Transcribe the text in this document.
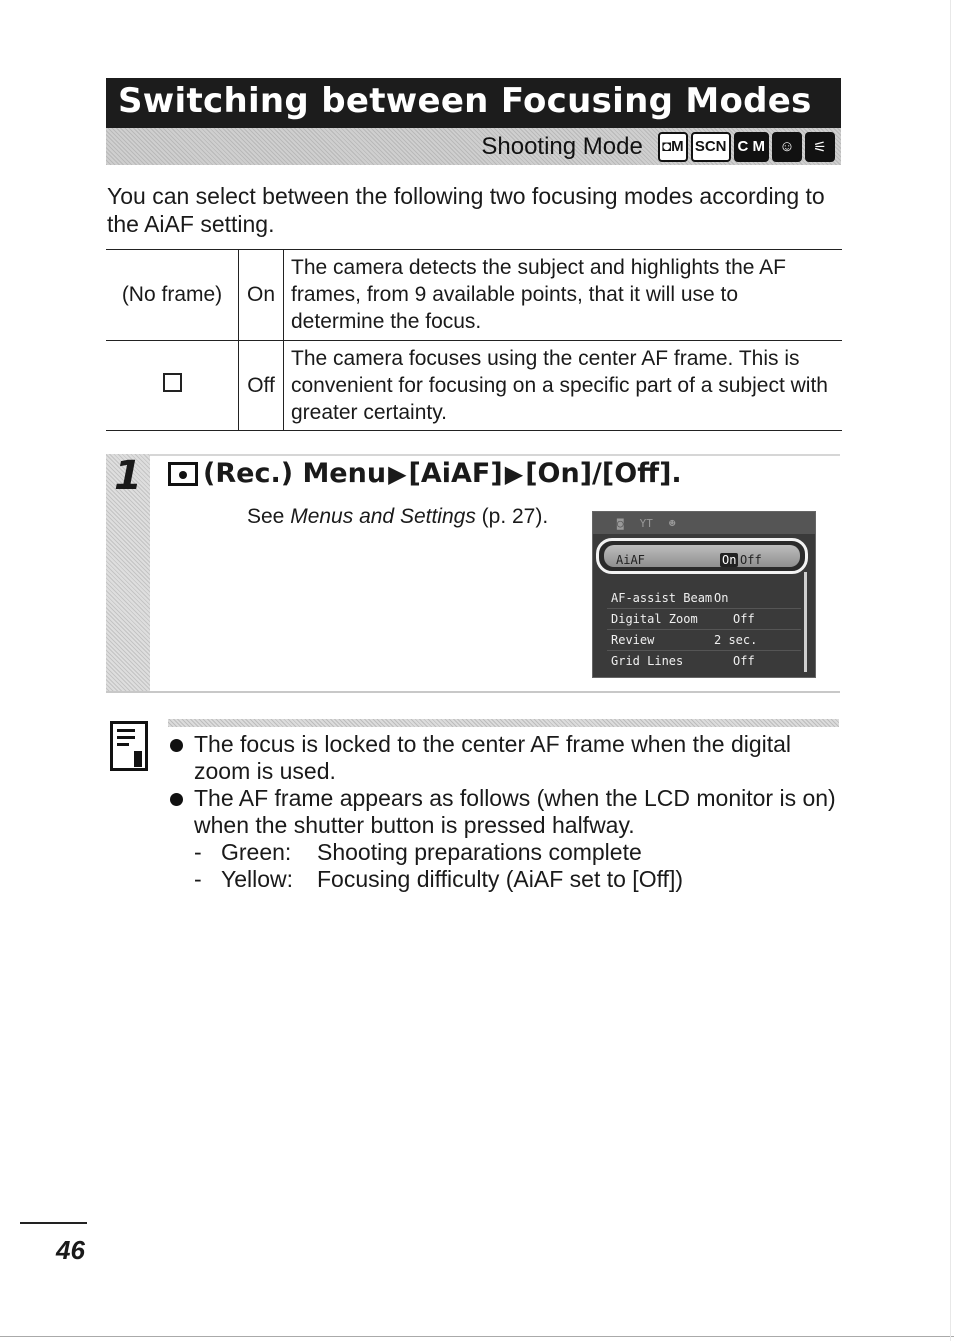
Switching between Focusing Modes
Shooting Mode ◘M SCN C M ☺	⚟
You can select between the following two focusing modes according to the AiAF setting.
(No frame)	On	The camera detects the subject and highlights the AF frames, from 9 available points, that it will use to determine the focus.
	Off	The camera focuses using the center AF frame. This is convenient for focusing on a specific part of a subject with greater certainty.
1 (Rec.) Menu ▶ [AiAF] ▶ [On]/[Off].
See Menus and Settings (p. 27).	◙ ΥT ☻
AiAF	On Off
AF-assist Beam On
Digital Zoom	Off
Review	2 sec.
Grid Lines	Off
The focus is locked to the center AF frame when the digital zoom is used.
The AF frame appears as follows (when the LCD monitor is on) when the shutter button is pressed halfway.
- Green:	Shooting preparations complete
- Yellow:	Focusing difficulty (AiAF set to [Off])
46
